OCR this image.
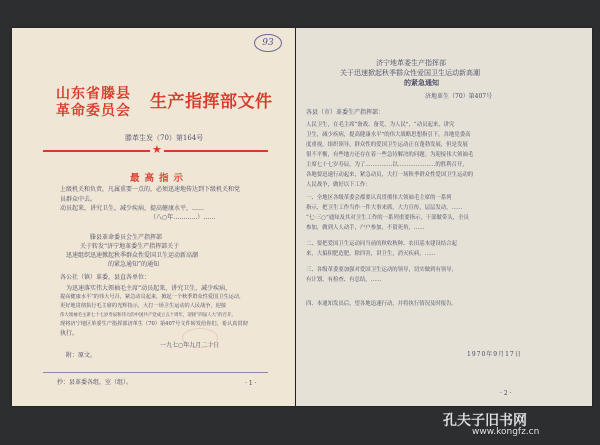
93
山东省滕县
革命委员会 生产指挥部文件
滕革生发（70）第164号
★
最高指示
上级机关和负责，凡属重要一点的，必须迅速地传达到下级机关和党
员群众中去。
动员起来，讲究卫生，减少疾病，提高健康水平，……
（八○年…………）……
滕县革命委员会生产指挥部
关于转发“济宁地革委生产指挥部关于
迅速组织迅速掀起秋季群众性爱国卫生运动新高潮
的紧急通知”的通知
各公社（镇）革委，县直各单位：
为迅速落实伟大领袖毛主席“动员起来，讲究卫生，减少疾病，
提高健康水平”的伟大号召，紧急动员起来，掀起一个秋季群众性爱国卫生运动，
更好地贯彻执行毛主席的光辉指示，大打一场卫生运动的人民战争，迎接
伟大领袖毛主席七十七岁寿辰和伟大的中国共产党成立五十周年，迎接“四届人大”的召开，
现将济宁地区革委生产指挥部济革生（70）第407号文件转发给你们，希认真贯彻
执行。
附：原文。
一九七○年九月二十日
抄：县革委各组，室（组）。	· 1 ·
济宁地革委生产指挥部
关于迅速掀起秋季群众性爱国卫生运动新高潮
的紧急通知
济地革生（70）第407号
各县（市）革委生产指挥部：
人民卫生，在毛主席“备战、备荒、为人民”，“动员起来，讲究
卫生，减少疾病，提高健康水平”的伟大战略思想指引下，各地党委高
度重视，组织领导，群众性的爱国卫生运动正在蓬勃发展，但是发展
很不平衡，有些地方还存在着一些急待解决的问题。为迎接伟大领袖毛
主席七十七岁寿辰，为了……………以…………………的胜利召开，
各地要迅速行动起来，紧急动员，大打一场秋季群众性爱国卫生运动的
人民战争，做好以下工作：
一、全地区各级革委会都要认真贯彻伟大领袖毛主席的一系列
指示，把卫生工作当作一件大事来抓，大力宣传，层层发动，……
“七·三○”通知及其对卫生工作的一系列重要指示，干部做带头，全员
参加，做到人人动手，户户参加，不留死角，……
二、要把爱国卫生运动同当前的秋收秋种、农田基本建设结合起
来，大搞积肥造肥，除四害，讲卫生，消灭疾病，……
三、各级革委要加强对爱国卫生运动的领导，切实做到有领导、
有计划、有检查、有总结，……
四、本通知发出后，望各地迅速行动，并将执行情况及时报告。
1970年9月17日
· 2 ·
孔夫子旧书网
www.kongfz.cn
